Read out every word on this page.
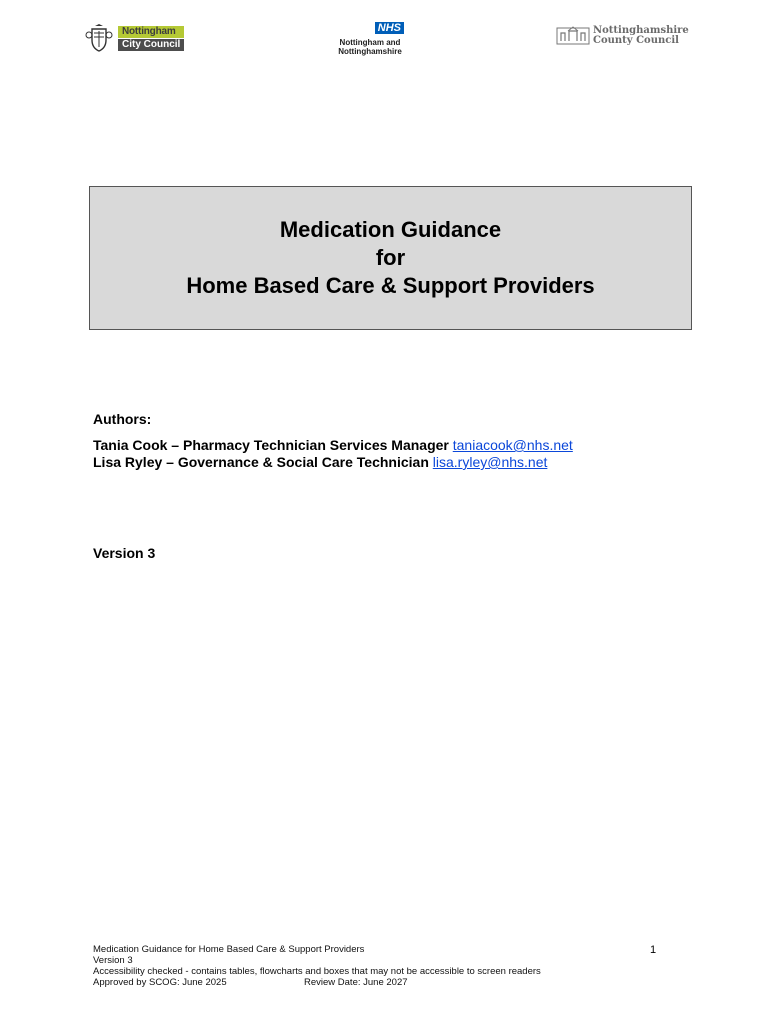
Nottingham
City Council
NHS
Nottingham and
Nottinghamshire
Nottinghamshire
County Council
Medication Guidance
for
Home Based Care & Support Providers
Authors:
Tania Cook – Pharmacy Technician Services Manager taniacook@nhs.net
Lisa Ryley – Governance & Social Care Technician lisa.ryley@nhs.net
Version 3
Medication Guidance for Home Based Care & Support Providers
Version 3
Accessibility checked - contains tables, flowcharts and boxes that may not be accessible to screen readers
Approved by SCOG: June 2025	Review Date: June 2027
1
